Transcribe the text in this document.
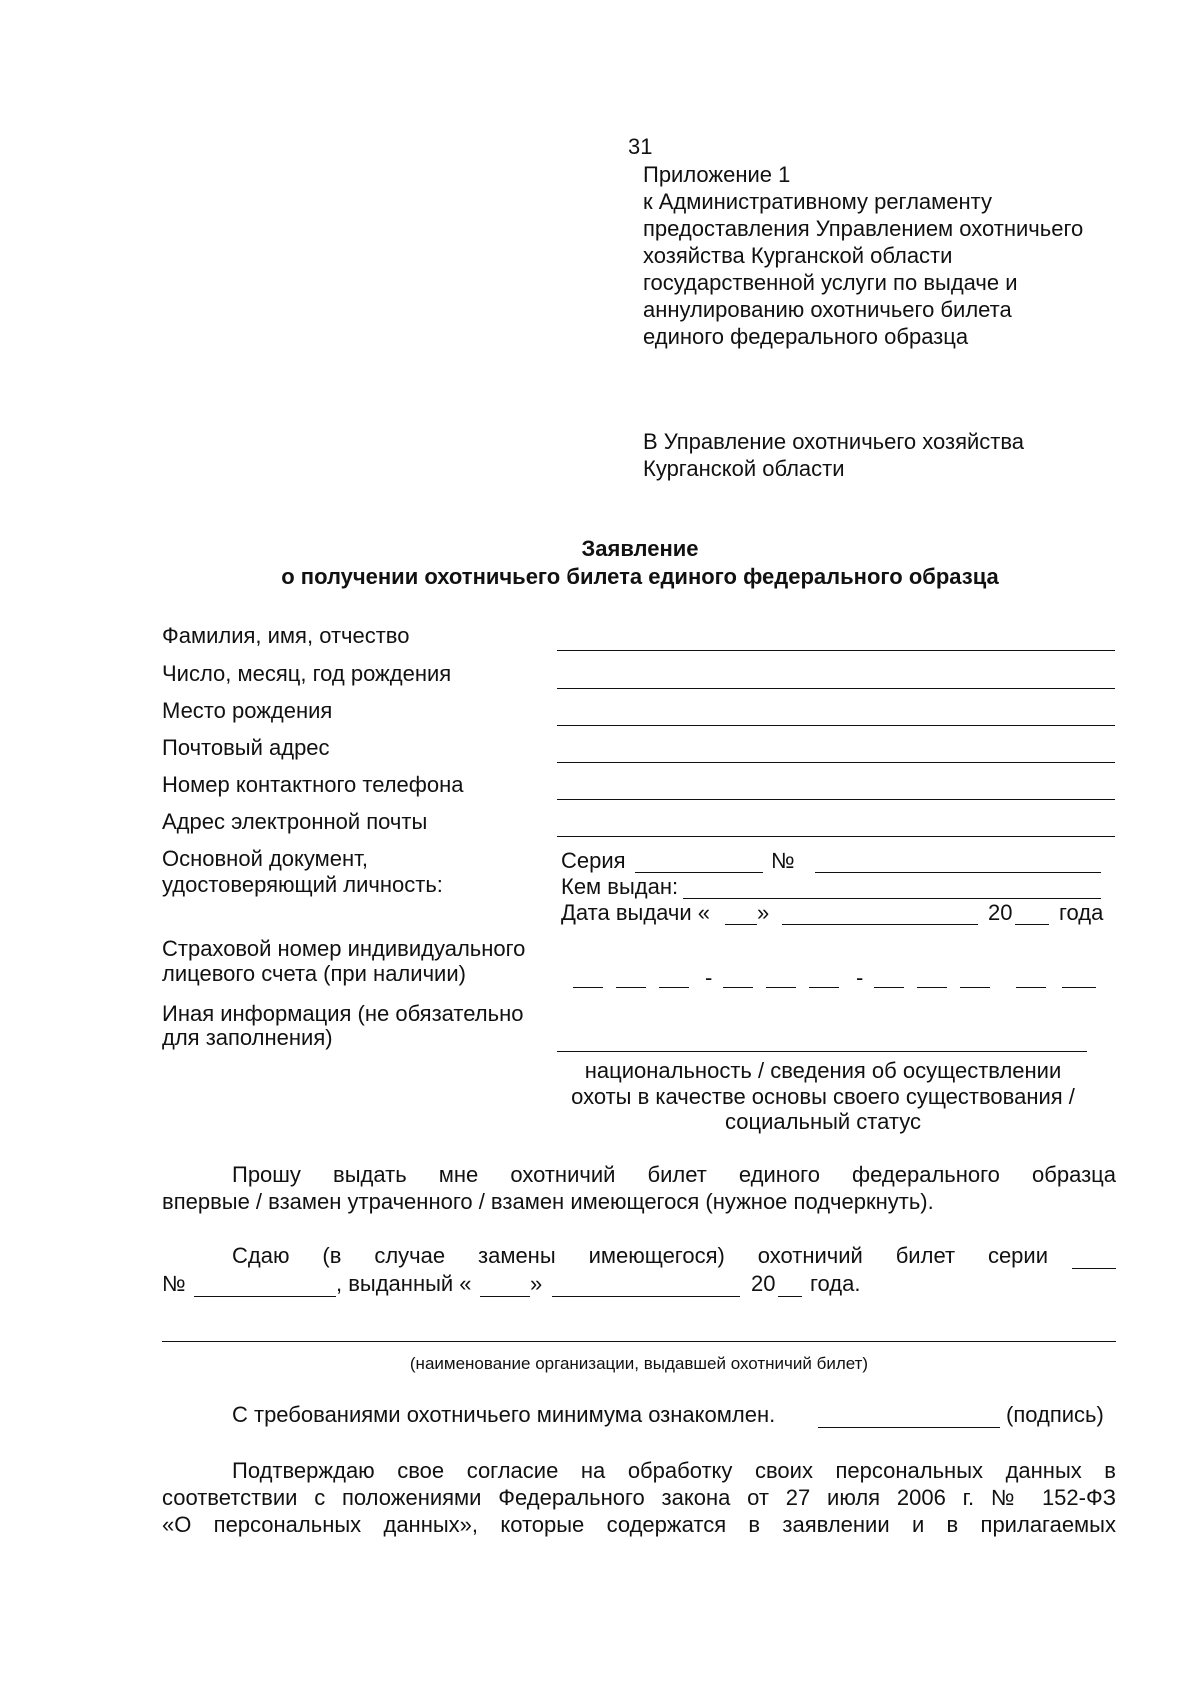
31
Приложение 1
к Административному регламенту
предоставления Управлением охотничьего
хозяйства Курганской области
государственной услуги по выдаче и
аннулированию охотничьего билета
единого федерального образца
В Управление охотничьего хозяйства
Курганской области
Заявление
о получении охотничьего билета единого федерального образца
Фамилия, имя, отчество
Число, месяц, год рождения
Место рождения
Почтовый адрес
Номер контактного телефона
Адрес электронной почты
Основной документ,
удостоверяющий личность:
Серия	№
Кем выдан:
Дата выдачи « »	20 года
Страховой номер индивидуального
лицевого счета (при наличии)	-	-
Иная информация (не обязательно
для заполнения)
национальность / сведения об осуществлении
охоты в качестве основы своего существования /
социальный статус
Прошу выдать мне охотничий билет единого федерального образца
впервые / взамен утраченного / взамен имеющегося (нужное подчеркнуть).
Сдаю (в случае замены имеющегося) охотничий билет серии
№	, выданный «	»	20 года.
(наименование организации, выдавшей охотничий билет)
С требованиями охотничьего минимума ознакомлен.	(подпись)
Подтверждаю свое согласие на обработку своих персональных данных в
соответствии с положениями Федерального закона от 27 июля 2006 г. № 152-ФЗ
«О персональных данных», которые содержатся в заявлении и в прилагаемых
